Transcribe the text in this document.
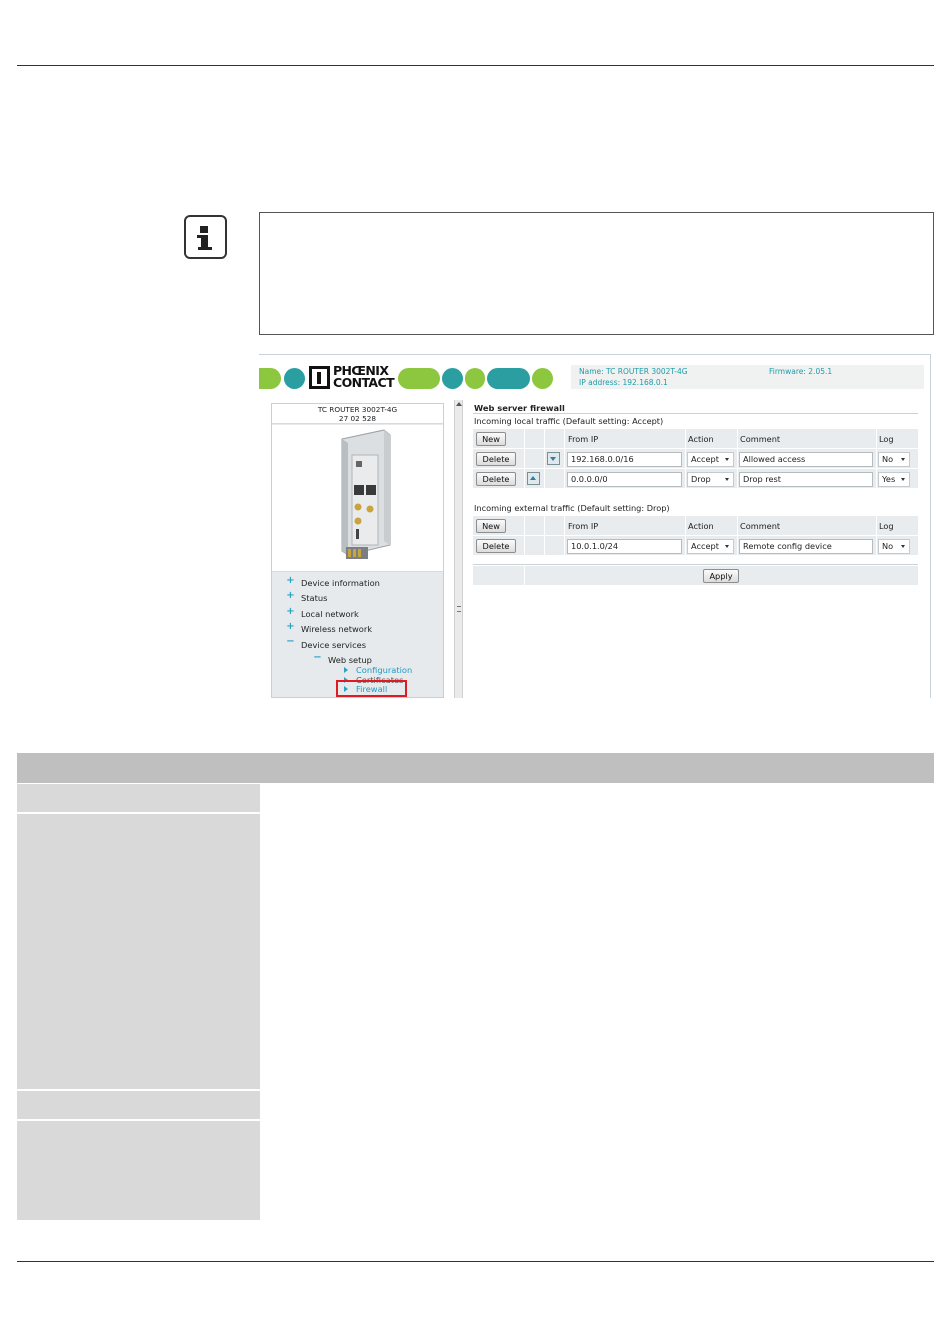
PHŒNIX
CONTACT
Name: TC ROUTER 3002T-4G
IP address: 192.168.0.1
Firmware: 2.05.1
TC ROUTER 3002T-4G
27 02 528
+ Device information
+ Status
+ Local network
+ Wireless network
− Device services
− Web setup
Configuration
Certificates
Firewall
Web server firewall
Incoming local traffic (Default setting: Accept)
New	From IP	Action	Comment	Log
Delete	192.168.0.0/16	Accept	Allowed access	No
Delete	0.0.0.0/0	Drop	Drop rest	Yes
Incoming external traffic (Default setting: Drop)
New	From IP	Action	Comment	Log
Delete	10.0.1.0/24	Accept	Remote config device	No
Apply
